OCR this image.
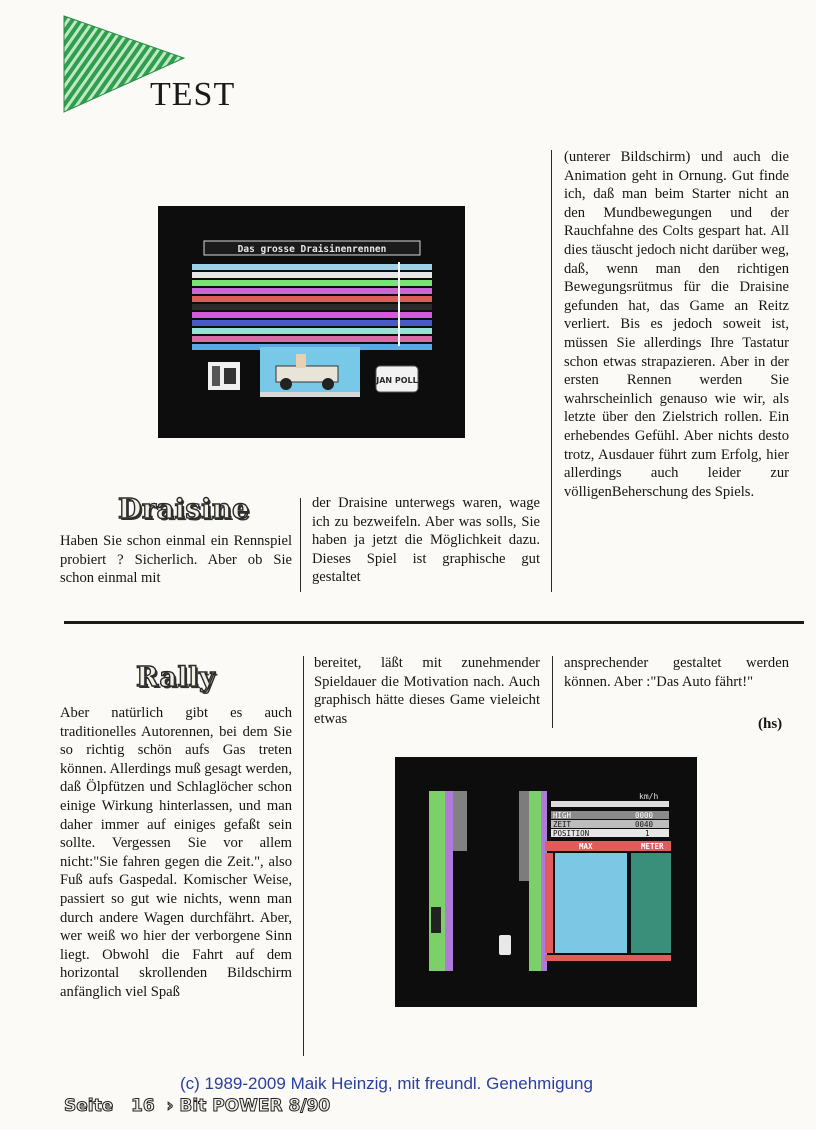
TEST
Das grosse Draisinenrennen
JAN POLL
Draisine

Haben Sie schon einmal ein Rennspiel probiert ? Sicherlich. Aber ob Sie schon einmal mit

der Draisine unterwegs waren, wage ich zu bezweifeln. Aber was solls, Sie haben ja jetzt die Möglichkeit dazu. Dieses Spiel ist graphische gut gestaltet

(unterer Bildschirm) und auch die Animation geht in Ornung. Gut finde ich, daß man beim Starter nicht an den Mundbewegungen und der Rauchfahne des Colts gespart hat. All dies täuscht jedoch nicht darüber weg, daß, wenn man den richtigen Bewegungsrütmus für die Draisine gefunden hat, das Game an Reitz verliert. Bis es jedoch soweit ist, müssen Sie allerdings Ihre Tastatur schon etwas strapazieren. Aber in der ersten Rennen werden Sie wahrscheinlich genauso wie wir, als letzte über den Zielstrich rollen. Ein erhebendes Gefühl. Aber nichts desto trotz, Ausdauer führt zum Erfolg, hier allerdings auch leider zur völligenBeherschung des Spiels.

Rally

Aber natürlich gibt es auch traditionelles Autorennen, bei dem Sie so richtig schön aufs Gas treten können. Allerdings muß gesagt werden, daß Ölpfützen und Schlaglöcher schon einige Wirkung hinterlassen, und man daher immer auf einiges gefaßt sein sollte. Vergessen Sie vor allem nicht:"Sie fahren gegen die Zeit.", also Fuß aufs Gaspedal. Komischer Weise, passiert so gut wie nichts, wenn man durch andere Wagen durchfährt. Aber, wer weiß wo hier der verborgene Sinn liegt. Obwohl die Fahrt auf dem horizontal skrollenden Bildschirm anfänglich viel Spaß

bereitet, läßt mit zunehmender Spieldauer die Motivation nach. Auch graphisch hätte dieses Game vieleicht etwas

ansprechender gestaltet werden können. Aber :"Das Auto fährt!"

(hs)
km/h
HIGH	0000
ZEIT	0040
POSITION	1
MAX	METER
(c) 1989-2009 Maik Heinzig, mit freundl. Genehmigung
Seite   16  › Bit POWER 8/90
